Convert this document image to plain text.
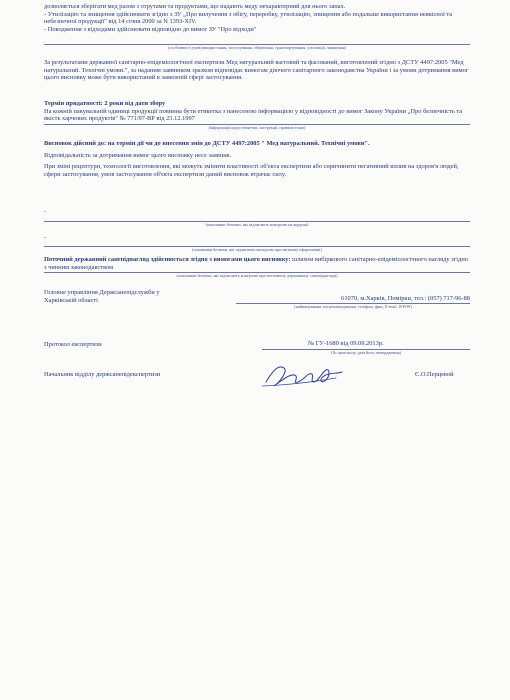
дозволяється зберігати мед разом з отрутами та продуктами, що надають меду нехарактерний для нього запах.

- Утилізацію та знищення здійснювати згідно з ЗУ „Про вилучення з обігу, переробку, утилізацію, знищення або подальше використання неякісної та небезпечної продукції" від 14 січня 2000 за N 1393-XIV.

- Поводження з відходами здійснювати відповідно до вимог ЗУ "Про відходи"

(особливості умов використання, застосування, зберігання, транспортування, утилізації, знищення)

За результатами державної санітарно-епідеміологічної експертизи Мед натуральний вагговий та фасований, виготовлений згідно з ДСТУ 4497:2005 "Мед натуральний. Технічні умови.", за наданим заявником зразком відповідає вимогам діючого санітарного законодавства України і за умови дотримання вимог цього висновку може бути використаний в заявленій сфері застосування.

Термін придатності: 2 роки від дати збору

На кожній пакувальній одиниці продукції повинна бути етикетка з нанесеною інформацією у відповідності до вимог Закону України „Про безпечність та якість харчових продуктів" № 771/97-ВР від 23.12.1997

(інформація щодо етикетки, інструкції, правила тощо)

Висновок дійсний до: на термін дії чи до внесення змін до ДСТУ 4497:2005 " Мед натуральний. Технічні умови".

Відповідальність за дотримання вимог цього висновку несе заявник.

При зміні рецептури, технології виготовлення, які можуть змінити властивості об'єкта експертизи або спричинити негативний вплив на здоров'я людей, сфери застосування, умов застосування об'єкта експертизи даний висновок втрачає силу.

-
(показники безпеки, які підлягають контролю на кордоні)
-
(показники безпеки, які підлягають контролю при митному оформленні)

Поточний державний санепіднагляд здійснюється згідно з вимогами цього висновку: шляхом вибіркового санітарно-епідеміологічного нагляду згідно з чинним законодавством

(показники безпеки, які підлягають контролю при поточному державному санепіднагляді)
Головне управління Держсанепідслужби у
Харківській області	61070, м.Харків, Помірки, тел.: (057) 717-96-88
(найменування, місцезнаходження, телефон, факс, E-mail, WWW)
Протокол експертизи	№ ГУ-1680 від 09.09.2013р.
(№ протоколу, дата його затвердження)
Начальник відділу держсанепідекспертизи	Є.О.Перцевой
